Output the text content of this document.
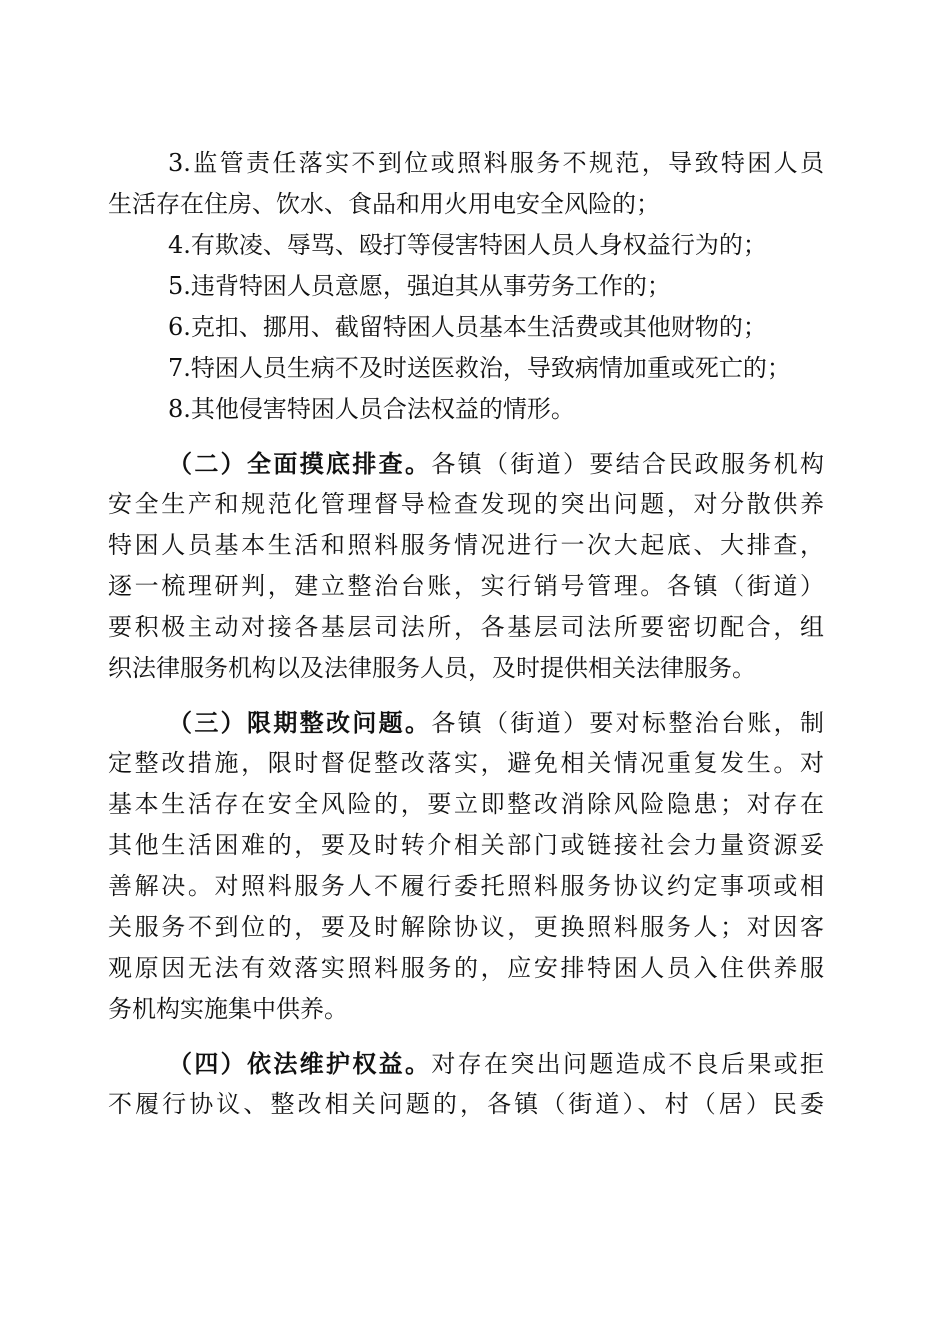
3.监管责任落实不到位或照料服务不规范，导致特困人员
生活存在住房、饮水、食品和用火用电安全风险的；
4.有欺凌、辱骂、殴打等侵害特困人员人身权益行为的；
5.违背特困人员意愿，强迫其从事劳务工作的；
6.克扣、挪用、截留特困人员基本生活费或其他财物的；
7.特困人员生病不及时送医救治，导致病情加重或死亡的；
8.其他侵害特困人员合法权益的情形。
（二）全面摸底排查。各镇（街道）要结合民政服务机构
安全生产和规范化管理督导检查发现的突出问题，对分散供养
特困人员基本生活和照料服务情况进行一次大起底、大排查，
逐一梳理研判，建立整治台账，实行销号管理。各镇（街道）
要积极主动对接各基层司法所，各基层司法所要密切配合，组
织法律服务机构以及法律服务人员，及时提供相关法律服务。
（三）限期整改问题。各镇（街道）要对标整治台账，制
定整改措施，限时督促整改落实，避免相关情况重复发生。对
基本生活存在安全风险的，要立即整改消除风险隐患；对存在
其他生活困难的，要及时转介相关部门或链接社会力量资源妥
善解决。对照料服务人不履行委托照料服务协议约定事项或相
关服务不到位的，要及时解除协议，更换照料服务人；对因客
观原因无法有效落实照料服务的，应安排特困人员入住供养服
务机构实施集中供养。
（四）依法维护权益。对存在突出问题造成不良后果或拒
不履行协议、整改相关问题的，各镇（街道）、村（居）民委
